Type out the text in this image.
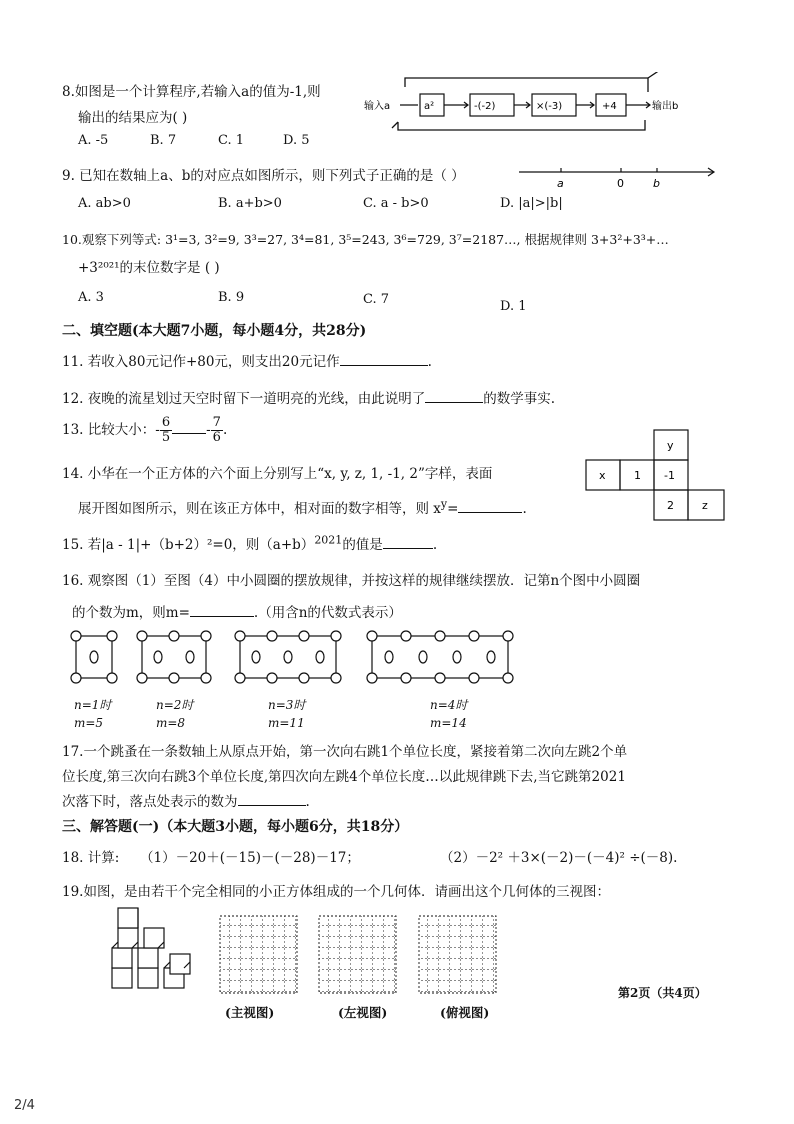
8.如图是一个计算程序,若输入a的值为-1,则
输出的结果应为( )
A. -5	B. 7	C. 1	D. 5
输入a	a²	-(-2)	×(-3)	+4	输出b
9. 已知在数轴上a、b的对应点如图所示，则下列式子正确的是（ ）	a	0	b
A. ab>0	B. a+b>0	C. a - b>0	D. |a|>|b|
10.观察下列等式: 3¹=3, 3²=9, 3³=27, 3⁴=81, 3⁵=243, 3⁶=729, 3⁷=2187…, 根据规律则 3+3²+3³+…
+3²⁰²¹的末位数字是 ( )
A. 3	B. 9	C. 7	D. 1
二、填空题(本大题7小题，每小题4分，共28分)
11. 若收入80元记作+80元，则支出20元记作	.
12. 夜晚的流星划过天空时留下一道明亮的光线，由此说明了	的数学事实.
13. 比较大小：- $\frac{6}{5}$	- $\frac{7}{6}$ .
14. 小华在一个正方体的六个面上分别写上“x, y, z, 1, -1, 2”字样，表面
展开图如图所示，则在该正方体中，相对面的数字相等，则 $x^y=$	.
y
x	1 -1
2	z
15. 若|a - 1|+（b+2）²=0，则$(a+b)^{2021}$的值是	.
16. 观察图（1）至图（4）中小圆圈的摆放规律，并按这样的规律继续摆放．记第n个图中小圆圈
的个数为m，则m=	.（用含n的代数式表示）
n=1时
m=5
n=2时
m=8
n=3时
m=11
n=4时
m=14
17.一个跳蚤在一条数轴上从原点开始，第一次向右跳1个单位长度，紧接着第二次向左跳2个单
位长度,第三次向右跳3个单位长度,第四次向左跳4个单位长度…以此规律跳下去,当它跳第2021
次落下时，落点处表示的数为	.
三、解答题(一)（本大题3小题，每小题6分，共18分）
18. 计算: （1）－20＋(－15)－(－28)－17；	（2）－2² ＋3×(－2)－(－4)² ÷(－8).
19.如图，是由若干个完全相同的小正方体组成的一个几何体．请画出这个几何体的三视图：
(主视图)	(左视图)	(俯视图)
第2页（共4页）
2/4
